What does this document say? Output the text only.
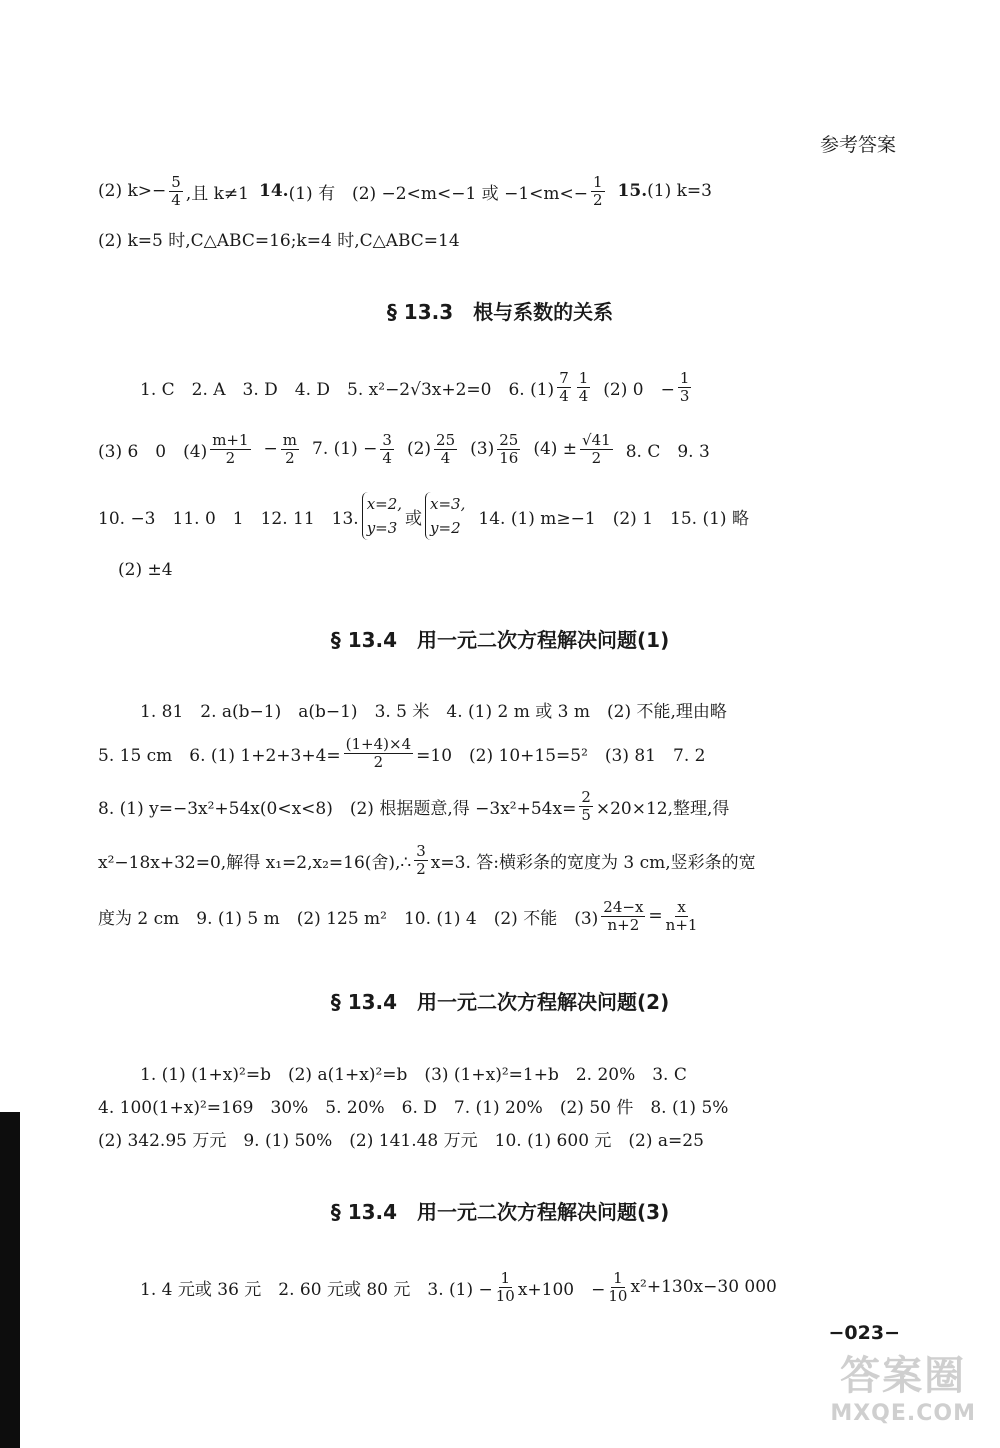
参考答案
(2) $k>- \frac{5}{4}$ ,且 k≠1 14. (1) 有　(2) −2<m<−1 或 $-1<m<- \frac{1}{2} 15$. (1) k=3
(2) k=5 时,C△ABC=16;k=4 时,C△ABC=14
§ 13.3　根与系数的关系
1. C　2. A　3. D　4. D　5. x²−2√3x+2=0　6. $(1) \frac{7}{4} \frac{1}{4} (2)$ 0　− $\frac{1}{3}$
(3) 6　0　$(4) \frac{m+1}{2} - \frac{m}{2} 7$. $(1) - \frac{3}{4} (2) \frac{25}{4} (3) \frac{25}{16} (4) \pm \frac{√41}{2} 8$. C　9. 3
10. −3　11. 0　1　12. 11　13.
x=2,
y=3 或
x=3,
y=2 14. (1) m≥−1　(2) 1　15. (1) 略
(2) ±4
§ 13.4　用一元二次方程解决问题(1)
1. 81　2. a(b−1)　a(b−1)　3. 5 米　4. (1) 2 m 或 3 m　(2) 不能,理由略
5. 15 cm　6. (1) $1+2+3+4= \frac{(1+4)\times 4}{2} =10$　(2) 10+15=5²　(3) 81　7. 2
8. (1) y=−3x²+54x(0<x<8)　(2) 根据题意,得 $-3x^2+54x= \frac{2}{5} \times 20\times 12$,整理,得
x²−18x+32=0,解得 x₁=2,x₂=16(舍),∴ $\frac{3}{2} x=3$. 答:横彩条的宽度为 3 cm,竖彩条的宽
度为 2 cm　9. (1) 5 m　(2) 125 m²　10. (1) 4　(2) 不能　$(3) \frac{24-x}{n+2} = \frac{x}{n+1}$
§ 13.4　用一元二次方程解决问题(2)
1. (1) (1+x)²=b　(2) a(1+x)²=b　(3) (1+x)²=1+b　2. 20%　3. C
4. 100(1+x)²=169　30%　5. 20%　6. D　7. (1) 20%　(2) 50 件　8. (1) 5%
(2) 342.95 万元　9. (1) 50%　(2) 141.48 万元　10. (1) 600 元　(2) a=25
§ 13.4　用一元二次方程解决问题(3)
1. 4 元或 36 元　2. 60 元或 80 元　3. $(1) - \frac{1}{10} x+100$　− $\frac{1}{10} x^2+130x-30$ 000
−023−
答案圈
MXQE.COM
